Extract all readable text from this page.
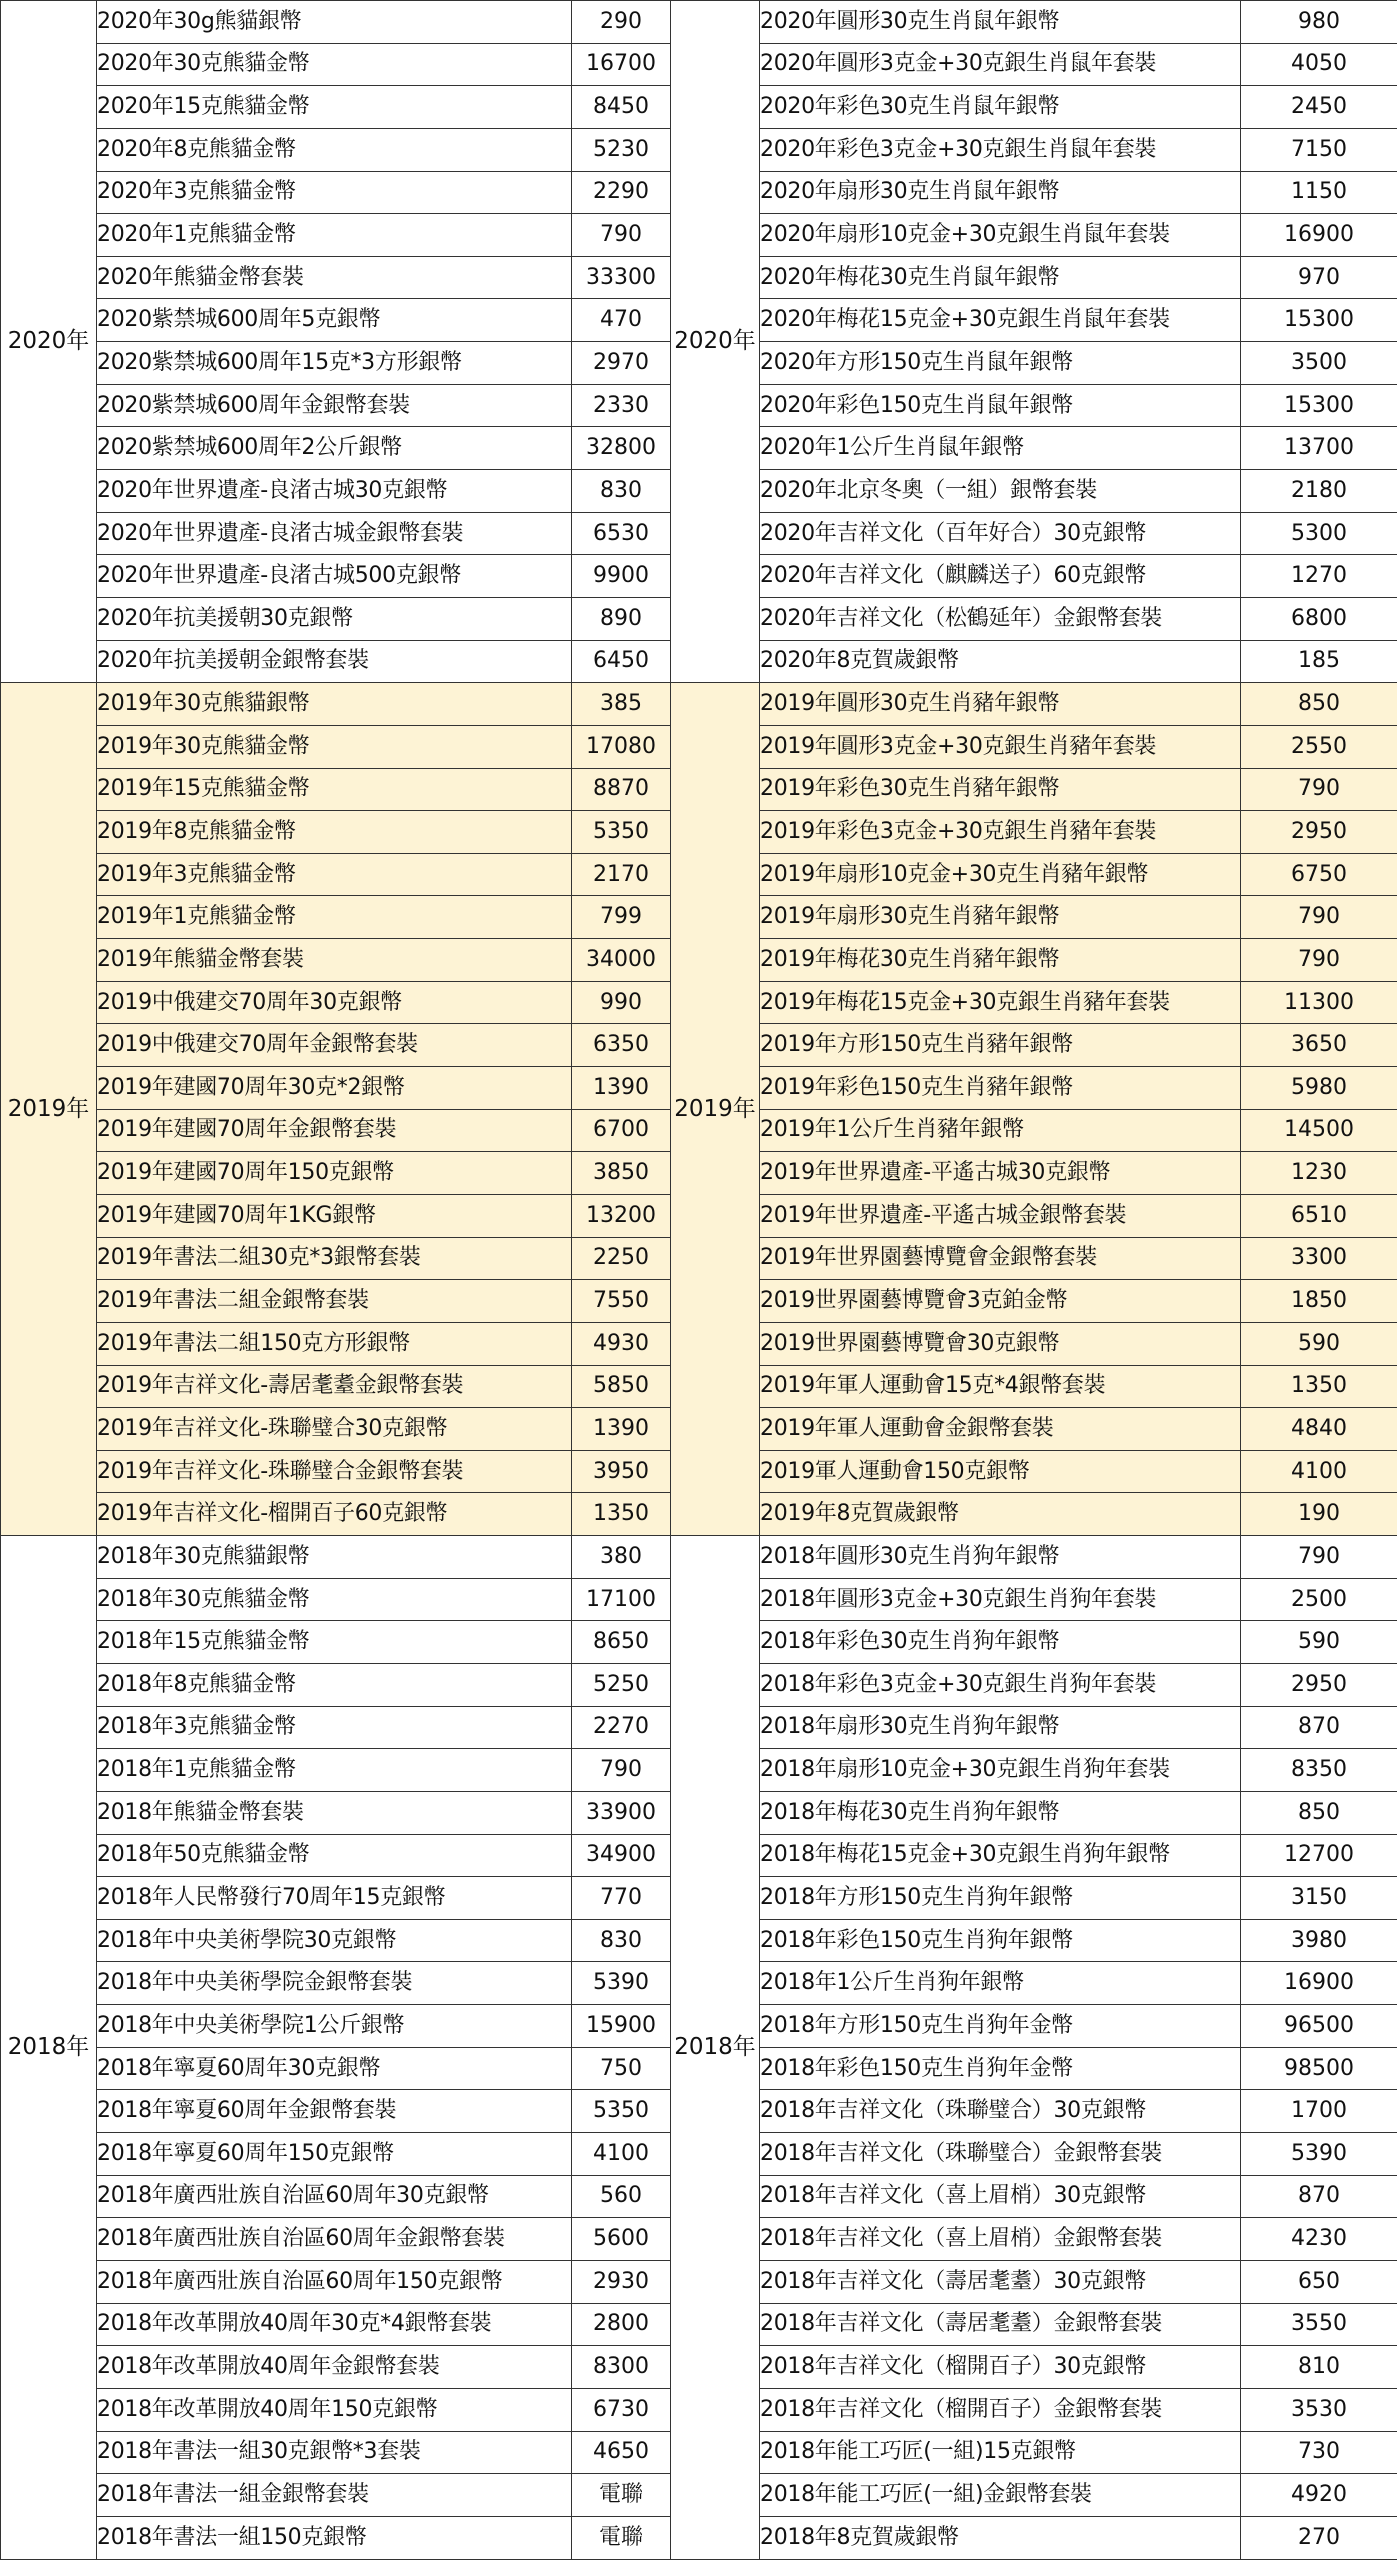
2020年	2020年30g熊貓銀幣	290	2020年	2020年圓形30克生肖鼠年銀幣	980
	2020年30克熊貓金幣	16700		2020年圓形3克金+30克銀生肖鼠年套裝	4050
	2020年15克熊貓金幣	8450		2020年彩色30克生肖鼠年銀幣	2450
	2020年8克熊貓金幣	5230		2020年彩色3克金+30克銀生肖鼠年套裝	7150
	2020年3克熊貓金幣	2290		2020年扇形30克生肖鼠年銀幣	1150
	2020年1克熊貓金幣	790		2020年扇形10克金+30克銀生肖鼠年套裝	16900
	2020年熊貓金幣套裝	33300		2020年梅花30克生肖鼠年銀幣	970
	2020紫禁城600周年5克銀幣	470		2020年梅花15克金+30克銀生肖鼠年套裝	15300
	2020紫禁城600周年15克*3方形銀幣	2970		2020年方形150克生肖鼠年銀幣	3500
	2020紫禁城600周年金銀幣套裝	2330		2020年彩色150克生肖鼠年銀幣	15300
	2020紫禁城600周年2公斤銀幣	32800		2020年1公斤生肖鼠年銀幣	13700
	2020年世界遺產-良渚古城30克銀幣	830		2020年北京冬奧（一組）銀幣套裝	2180
	2020年世界遺產-良渚古城金銀幣套裝	6530		2020年吉祥文化（百年好合）30克銀幣	5300
	2020年世界遺產-良渚古城500克銀幣	9900		2020年吉祥文化（麒麟送子）60克銀幣	1270
	2020年抗美援朝30克銀幣	890		2020年吉祥文化（松鶴延年）金銀幣套裝	6800
	2020年抗美援朝金銀幣套裝	6450		2020年8克賀歲銀幣	185
2019年	2019年30克熊貓銀幣	385	2019年	2019年圓形30克生肖豬年銀幣	850
	2019年30克熊貓金幣	17080		2019年圓形3克金+30克銀生肖豬年套裝	2550
	2019年15克熊貓金幣	8870		2019年彩色30克生肖豬年銀幣	790
	2019年8克熊貓金幣	5350		2019年彩色3克金+30克銀生肖豬年套裝	2950
	2019年3克熊貓金幣	2170		2019年扇形10克金+30克生肖豬年銀幣	6750
	2019年1克熊貓金幣	799		2019年扇形30克生肖豬年銀幣	790
	2019年熊貓金幣套裝	34000		2019年梅花30克生肖豬年銀幣	790
	2019中俄建交70周年30克銀幣	990		2019年梅花15克金+30克銀生肖豬年套裝	11300
	2019中俄建交70周年金銀幣套裝	6350		2019年方形150克生肖豬年銀幣	3650
	2019年建國70周年30克*2銀幣	1390		2019年彩色150克生肖豬年銀幣	5980
	2019年建國70周年金銀幣套裝	6700		2019年1公斤生肖豬年銀幣	14500
	2019年建國70周年150克銀幣	3850		2019年世界遺產-平遙古城30克銀幣	1230
	2019年建國70周年1KG銀幣	13200		2019年世界遺產-平遙古城金銀幣套裝	6510
	2019年書法二組30克*3銀幣套裝	2250		2019年世界園藝博覽會金銀幣套裝	3300
	2019年書法二組金銀幣套裝	7550		2019世界園藝博覽會3克鉑金幣	1850
	2019年書法二組150克方形銀幣	4930		2019世界園藝博覽會30克銀幣	590
	2019年吉祥文化-壽居耄耋金銀幣套裝	5850		2019年軍人運動會15克*4銀幣套裝	1350
	2019年吉祥文化-珠聯璧合30克銀幣	1390		2019年軍人運動會金銀幣套裝	4840
	2019年吉祥文化-珠聯璧合金銀幣套裝	3950		2019軍人運動會150克銀幣	4100
	2019年吉祥文化-榴開百子60克銀幣	1350		2019年8克賀歲銀幣	190
2018年	2018年30克熊貓銀幣	380	2018年	2018年圓形30克生肖狗年銀幣	790
	2018年30克熊貓金幣	17100		2018年圓形3克金+30克銀生肖狗年套裝	2500
	2018年15克熊貓金幣	8650		2018年彩色30克生肖狗年銀幣	590
	2018年8克熊貓金幣	5250		2018年彩色3克金+30克銀生肖狗年套裝	2950
	2018年3克熊貓金幣	2270		2018年扇形30克生肖狗年銀幣	870
	2018年1克熊貓金幣	790		2018年扇形10克金+30克銀生肖狗年套裝	8350
	2018年熊貓金幣套裝	33900		2018年梅花30克生肖狗年銀幣	850
	2018年50克熊貓金幣	34900		2018年梅花15克金+30克銀生肖狗年銀幣	12700
	2018年人民幣發行70周年15克銀幣	770		2018年方形150克生肖狗年銀幣	3150
	2018年中央美術學院30克銀幣	830		2018年彩色150克生肖狗年銀幣	3980
	2018年中央美術學院金銀幣套裝	5390		2018年1公斤生肖狗年銀幣	16900
	2018年中央美術學院1公斤銀幣	15900		2018年方形150克生肖狗年金幣	96500
	2018年寧夏60周年30克銀幣	750		2018年彩色150克生肖狗年金幣	98500
	2018年寧夏60周年金銀幣套裝	5350		2018年吉祥文化（珠聯璧合）30克銀幣	1700
	2018年寧夏60周年150克銀幣	4100		2018年吉祥文化（珠聯璧合）金銀幣套裝	5390
	2018年廣西壯族自治區60周年30克銀幣	560		2018年吉祥文化（喜上眉梢）30克銀幣	870
	2018年廣西壯族自治區60周年金銀幣套裝	5600		2018年吉祥文化（喜上眉梢）金銀幣套裝	4230
	2018年廣西壯族自治區60周年150克銀幣	2930		2018年吉祥文化（壽居耄耋）30克銀幣	650
	2018年改革開放40周年30克*4銀幣套裝	2800		2018年吉祥文化（壽居耄耋）金銀幣套裝	3550
	2018年改革開放40周年金銀幣套裝	8300		2018年吉祥文化（榴開百子）30克銀幣	810
	2018年改革開放40周年150克銀幣	6730		2018年吉祥文化（榴開百子）金銀幣套裝	3530
	2018年書法一組30克銀幣*3套裝	4650		2018年能工巧匠(一組)15克銀幣	730
	2018年書法一組金銀幣套裝	電聯		2018年能工巧匠(一組)金銀幣套裝	4920
	2018年書法一組150克銀幣	電聯		2018年8克賀歲銀幣	270
